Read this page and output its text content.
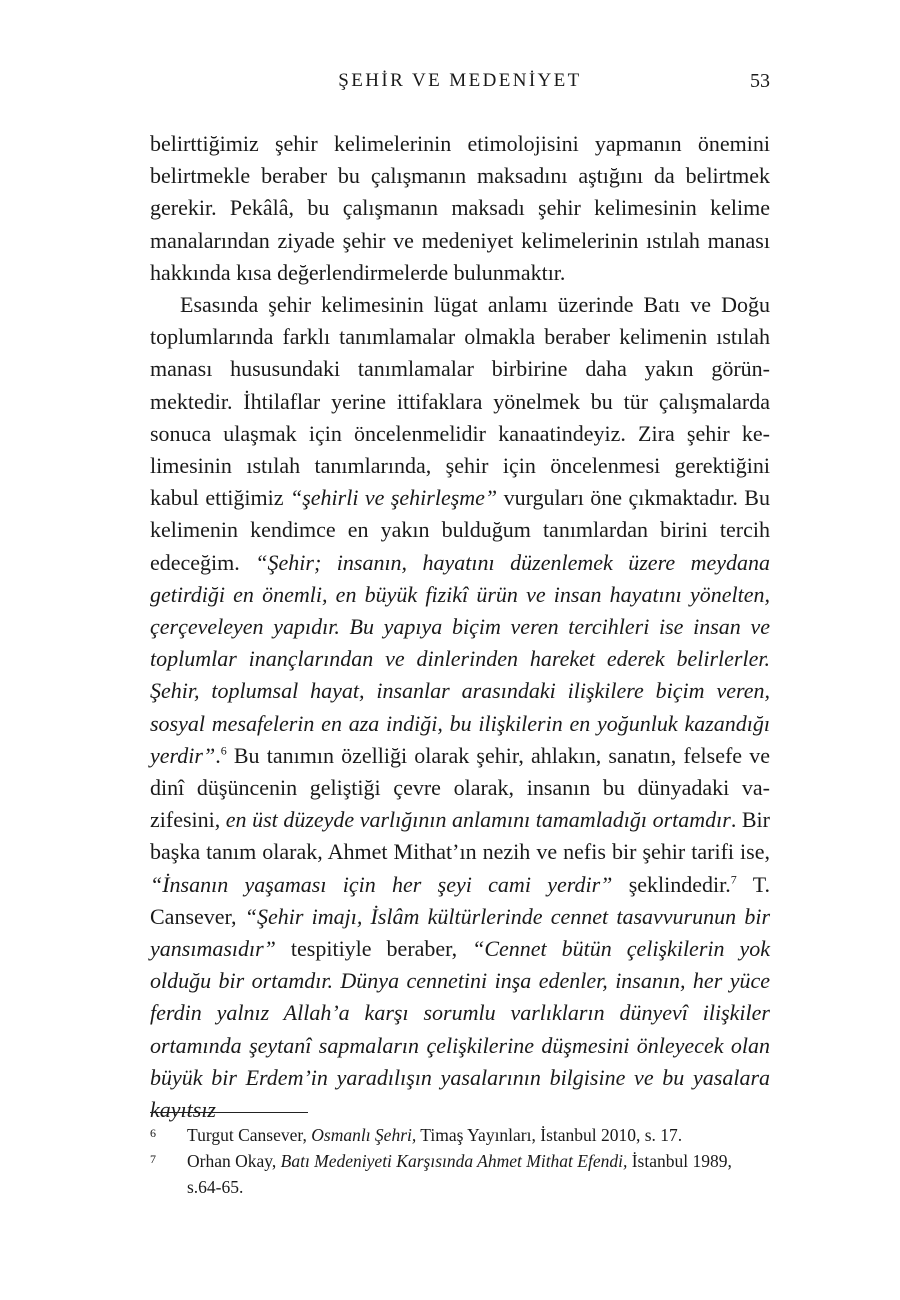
ŞEHİR VE MEDENİYET	53

belirttiğimiz şehir kelimelerinin etimolojisini yapmanın önemini belirtmekle beraber bu çalışmanın maksadını aştığını da belirtmek gerekir. Pekâlâ, bu çalışmanın maksadı şehir kelimesinin kelime manalarından ziyade şehir ve medeniyet kelimelerinin ıstılah manası hakkında kısa değerlendirmelerde bulunmaktır.

Esasında şehir kelimesinin lügat anlamı üzerinde Batı ve Doğu toplumlarında farklı tanımlamalar olmakla beraber kelimenin ıstılah manası hususundaki tanımlamalar birbirine daha yakın görünmektedir. İhtilaflar yerine ittifaklara yönelmek bu tür çalışmalarda sonuca ulaşmak için öncelenmelidir kanaatindeyiz. Zira şehir kelimesinin ıstılah tanımlarında, şehir için öncelenmesi gerektiğini kabul ettiğimiz “şehirli ve şehirleşme” vurguları öne çıkmaktadır. Bu kelimenin kendimce en yakın bulduğum tanımlardan birini tercih edeceğim. “Şehir; insanın, hayatını düzenlemek üzere meydana getirdiği en önemli, en büyük fizikî ürün ve insan hayatını yönelten, çerçeveleyen yapıdır. Bu yapıya biçim veren tercihleri ise insan ve toplumlar inançlarından ve dinlerinden hareket ederek belirlerler. Şehir, toplumsal hayat, insanlar arasındaki ilişkilere biçim veren, sosyal mesafelerin en aza indiği, bu ilişkilerin en yoğunluk kazandığı yerdir”.$^6$ Bu tanımın özelliği olarak şehir, ahlakın, sanatın, felsefe ve dinî düşüncenin geliştiği çevre olarak, insanın bu dünyadaki vazifesini, en üst düzeyde varlığının anlamını tamamladığı ortamdır. Bir başka tanım olarak, Ahmet Mithat’ın nezih ve nefis bir şehir tarifi ise, “İnsanın yaşaması için her şeyi cami yerdir” şeklindedir.$^7$ T. Cansever, “Şehir imajı, İslâm kültürlerinde cennet tasavvurunun bir yansımasıdır” tespitiyle beraber, “Cennet bütün çelişkilerin yok olduğu bir ortamdır. Dünya cennetini inşa edenler, insanın, her yüce ferdin yalnız Allah’a karşı sorumlu varlıkların dünyevî ilişkiler ortamında şeytanî sapmaların çelişkilerine düşmesini önleyecek olan büyük bir Erdem’in yaradılışın yasalarının bilgisine ve bu yasalara kayıtsız

6 Turgut Cansever, Osmanlı Şehri, Timaş Yayınları, İstanbul 2010, s. 17.
7 Orhan Okay, Batı Medeniyeti Karşısında Ahmet Mithat Efendi, İstanbul 1989, s.64-65.
